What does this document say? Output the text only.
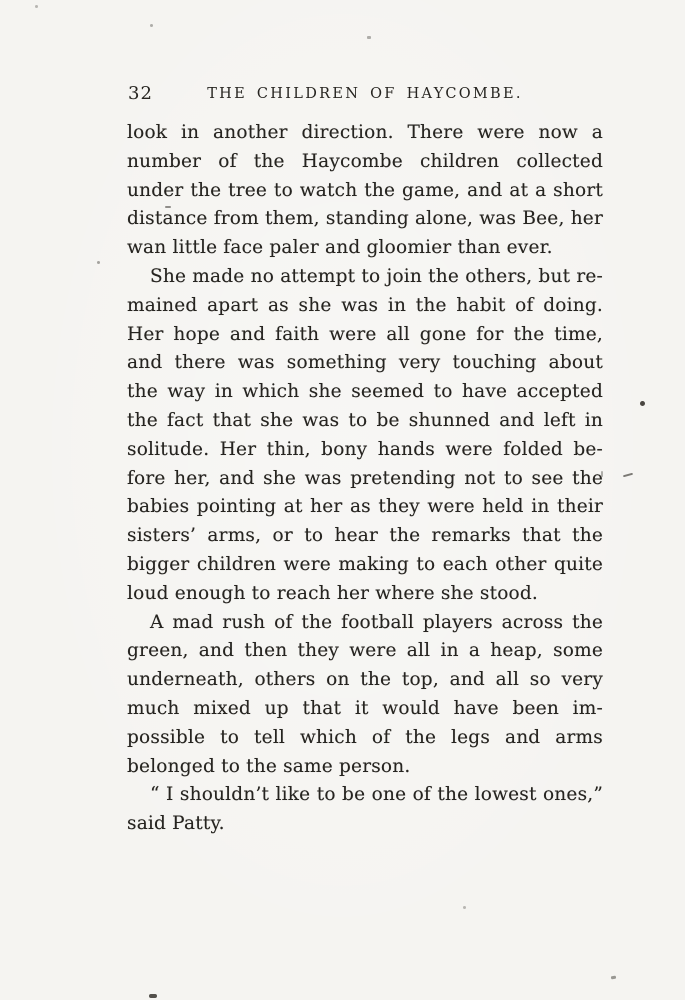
32	THE CHILDREN OF HAYCOMBE.
look in another direction. There were now a
number of the Haycombe children collected
under the tree to watch the game, and at a short
distance from them, standing alone, was Bee, her
wan little face paler and gloomier than ever.
She made no attempt to join the others, but re-
mained apart as she was in the habit of doing.
Her hope and faith were all gone for the time,
and there was something very touching about
the way in which she seemed to have accepted
the fact that she was to be shunned and left in
solitude. Her thin, bony hands were folded be-
fore her, and she was pretending not to see the
babies pointing at her as they were held in their
sisters’ arms, or to hear the remarks that the
bigger children were making to each other quite
loud enough to reach her where she stood.
A mad rush of the football players across the
green, and then they were all in a heap, some
underneath, others on the top, and all so very
much mixed up that it would have been im-
possible to tell which of the legs and arms
belonged to the same person.
“ I shouldn’t like to be one of the lowest ones,”
said Patty.
